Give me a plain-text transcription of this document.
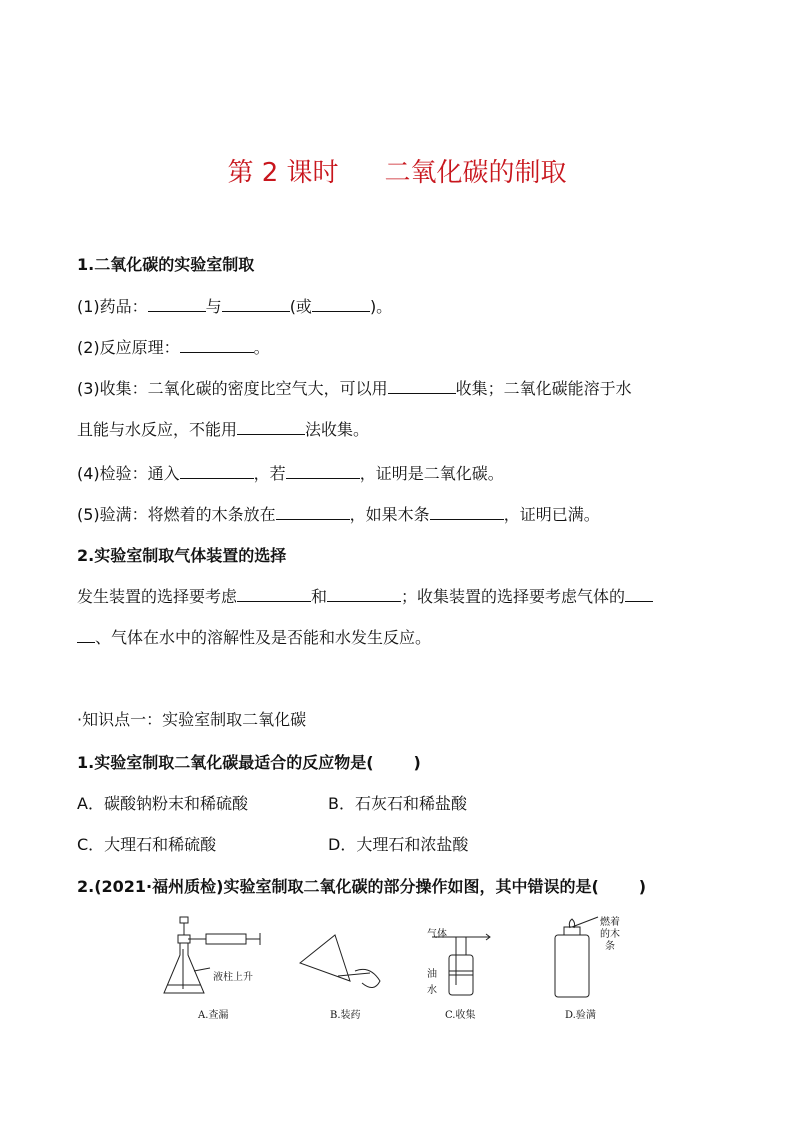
第 2 课时 二氧化碳的制取
1.二氧化碳的实验室制取
(1)药品：	与	(或	)。
(2)反应原理：	。
(3)收集：二氧化碳的密度比空气大，可以用	收集；二氧化碳能溶于水
且能与水反应，不能用	法收集。
(4)检验：通入	，若	，证明是二氧化碳。
(5)验满：将燃着的木条放在	，如果木条	，证明已满。
2.实验室制取气体装置的选择
发生装置的选择要考虑	和	；收集装置的选择要考虑气体的
、气体在水中的溶解性及是否能和水发生反应。
·知识点一：实验室制取二氧化碳
1.实验室制取二氧化碳最适合的反应物是(	)
A．碳酸钠粉末和稀硫酸	B．石灰石和稀盐酸
C．大理石和稀硫酸	D．大理石和浓盐酸
2.(2021·福州质检)实验室制取二氧化碳的部分操作如图，其中错误的是(	)
液柱上升
气体
油
水
燃着
的木
条
A.查漏	B.装药	C.收集	D.验满
